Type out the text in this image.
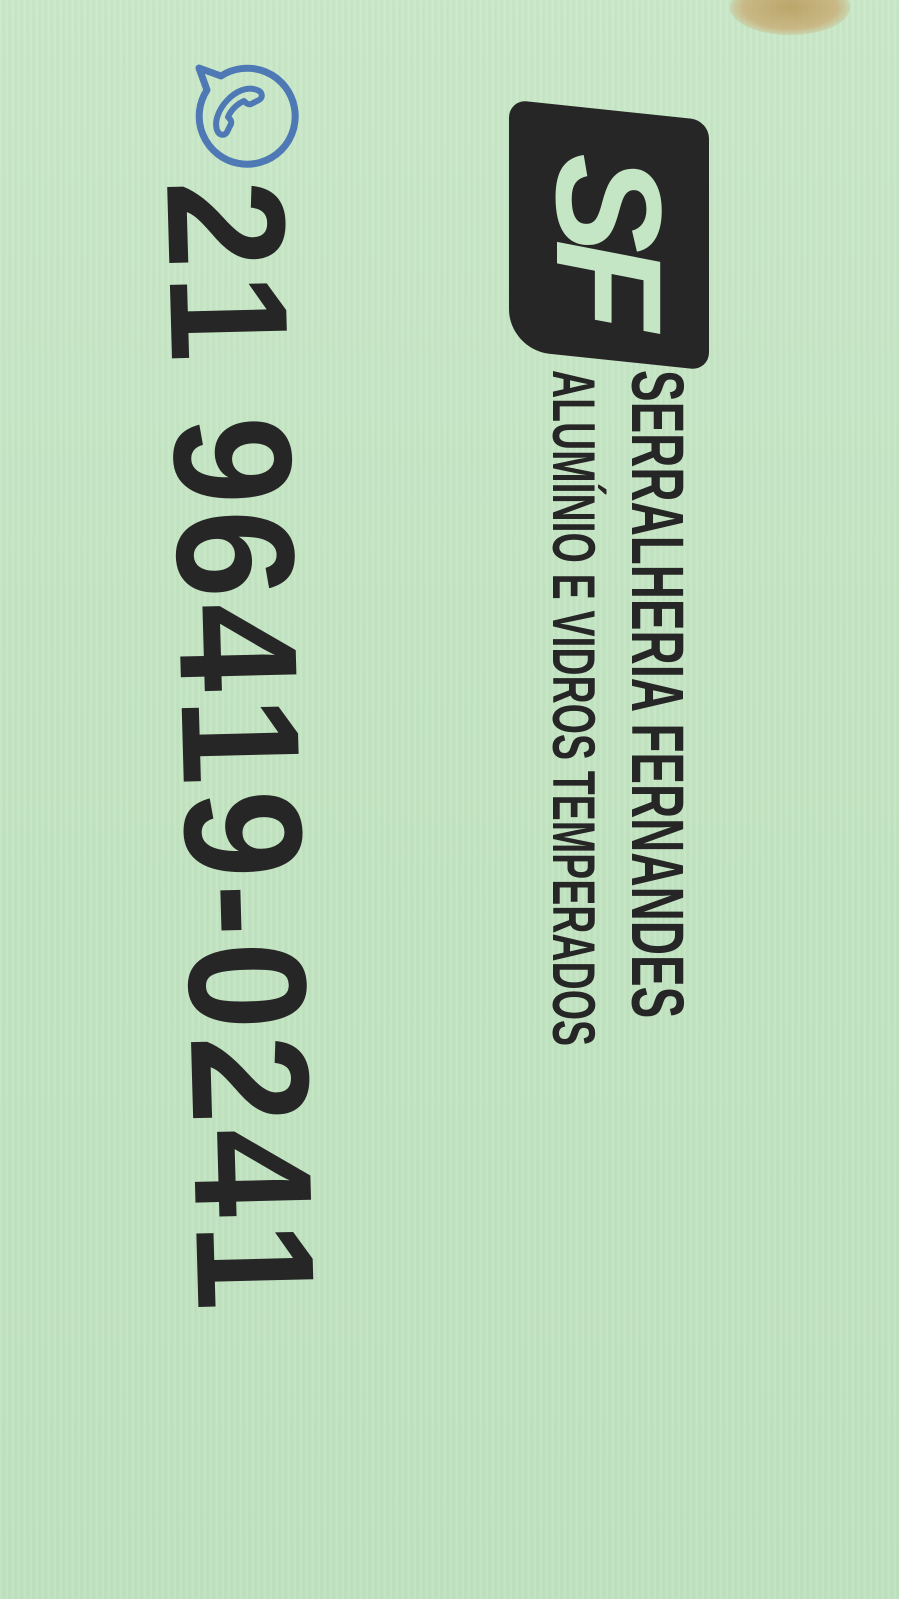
SF
SERRALHERIA FERNANDES
ALUMÍNIO E VIDROS TEMPERADOS
21 96419-0241
